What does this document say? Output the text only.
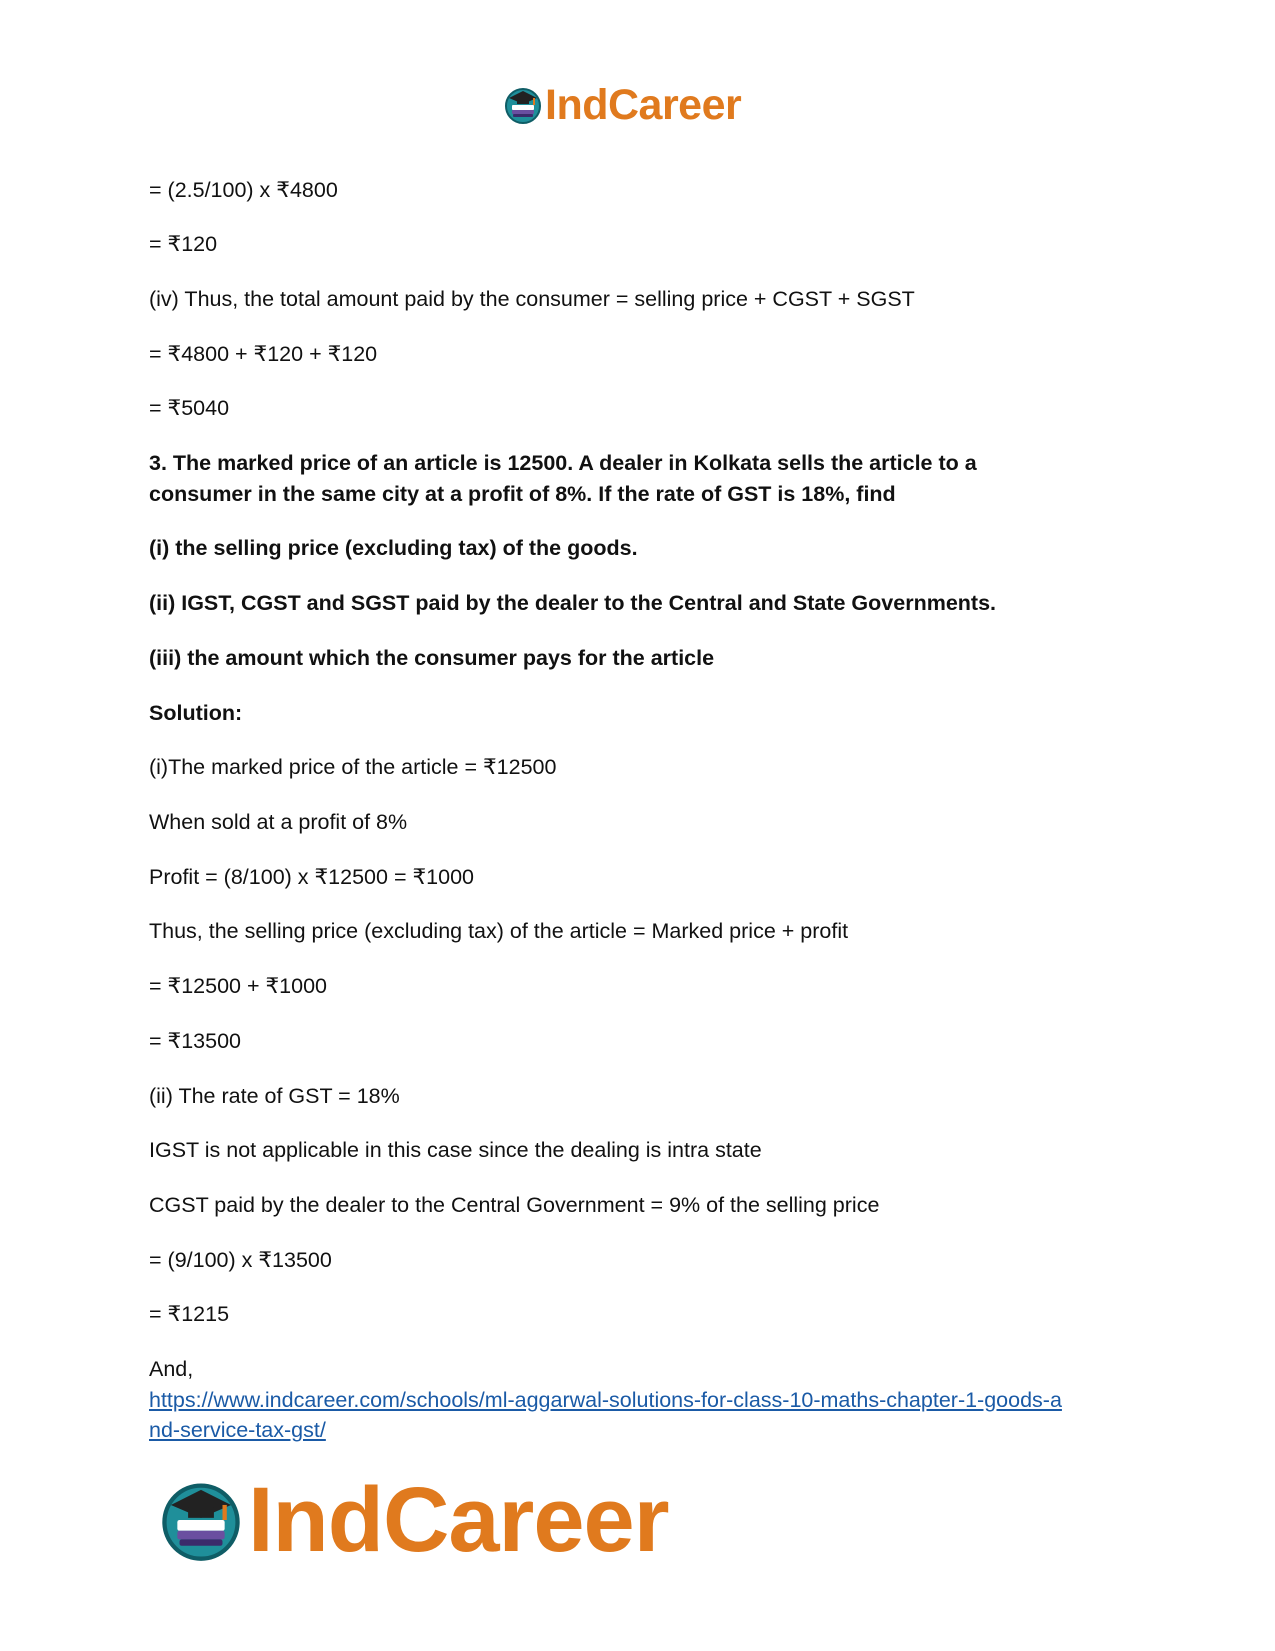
IndCareer
= (2.5/100) x ₹4800
= ₹120
(iv) Thus, the total amount paid by the consumer = selling price + CGST + SGST
= ₹4800 + ₹120 + ₹120
= ₹5040
3. The marked price of an article is 12500. A dealer in Kolkata sells the article to a
consumer in the same city at a profit of 8%. If the rate of GST is 18%, find
(i) the selling price (excluding tax) of the goods.
(ii) IGST, CGST and SGST paid by the dealer to the Central and State Governments.
(iii) the amount which the consumer pays for the article
Solution:
(i)The marked price of the article = ₹12500
When sold at a profit of 8%
Profit = (8/100) x ₹12500 = ₹1000
Thus, the selling price (excluding tax) of the article = Marked price + profit
= ₹12500 + ₹1000
= ₹13500
(ii) The rate of GST = 18%
IGST is not applicable in this case since the dealing is intra state
CGST paid by the dealer to the Central Government = 9% of the selling price
= (9/100) x ₹13500
= ₹1215
And,
https://www.indcareer.com/schools/ml-aggarwal-solutions-for-class-10-maths-chapter-1-goods-a
nd-service-tax-gst/
IndCareer
